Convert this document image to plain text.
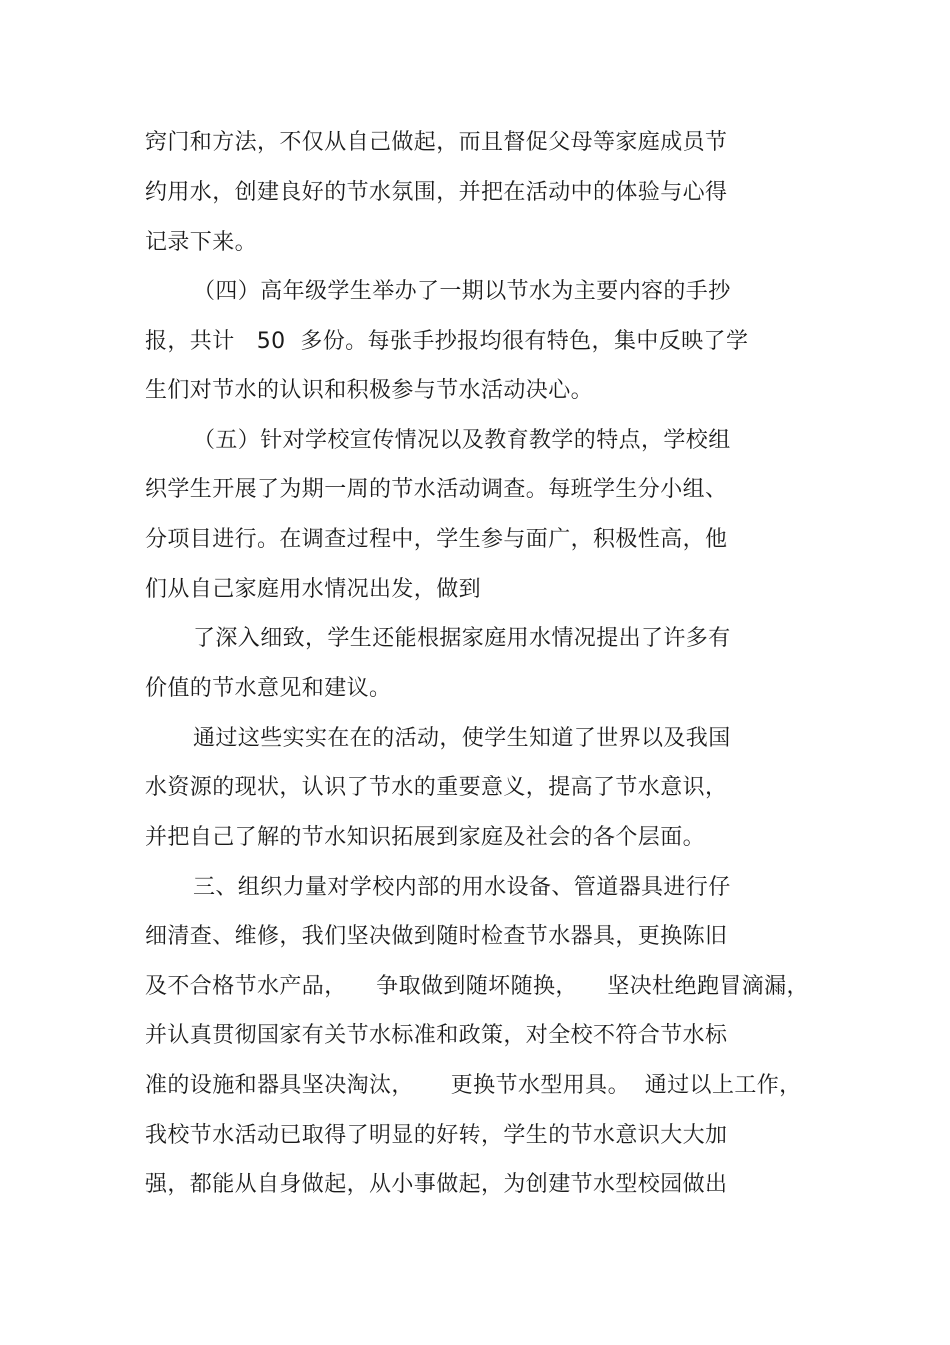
窍门和方法，不仅从自己做起，而且督促父母等家庭成员节
约用水，创建良好的节水氛围，并把在活动中的体验与心得
记录下来。
（四）高年级学生举办了一期以节水为主要内容的手抄
报，共计   50  多份。每张手抄报均很有特色，集中反映了学
生们对节水的认识和积极参与节水活动决心。
（五）针对学校宣传情况以及教育教学的特点，学校组
织学生开展了为期一周的节水活动调查。每班学生分小组、
分项目进行。在调查过程中，学生参与面广，积极性高，他
们从自己家庭用水情况出发，做到
了深入细致，学生还能根据家庭用水情况提出了许多有
价值的节水意见和建议。
通过这些实实在在的活动，使学生知道了世界以及我国
水资源的现状，认识了节水的重要意义，提高了节水意识，
并把自己了解的节水知识拓展到家庭及社会的各个层面。
三、组织力量对学校内部的用水设备、管道器具进行仔
细清查、维修，我们坚决做到随时检查节水器具，更换陈旧
及不合格节水产品，    争取做到随坏随换，    坚决杜绝跑冒滴漏，
并认真贯彻国家有关节水标准和政策，对全校不符合节水标
准的设施和器具坚决淘汰，     更换节水型用具。  通过以上工作，
我校节水活动已取得了明显的好转，学生的节水意识大大加
强，都能从自身做起，从小事做起，为创建节水型校园做出
